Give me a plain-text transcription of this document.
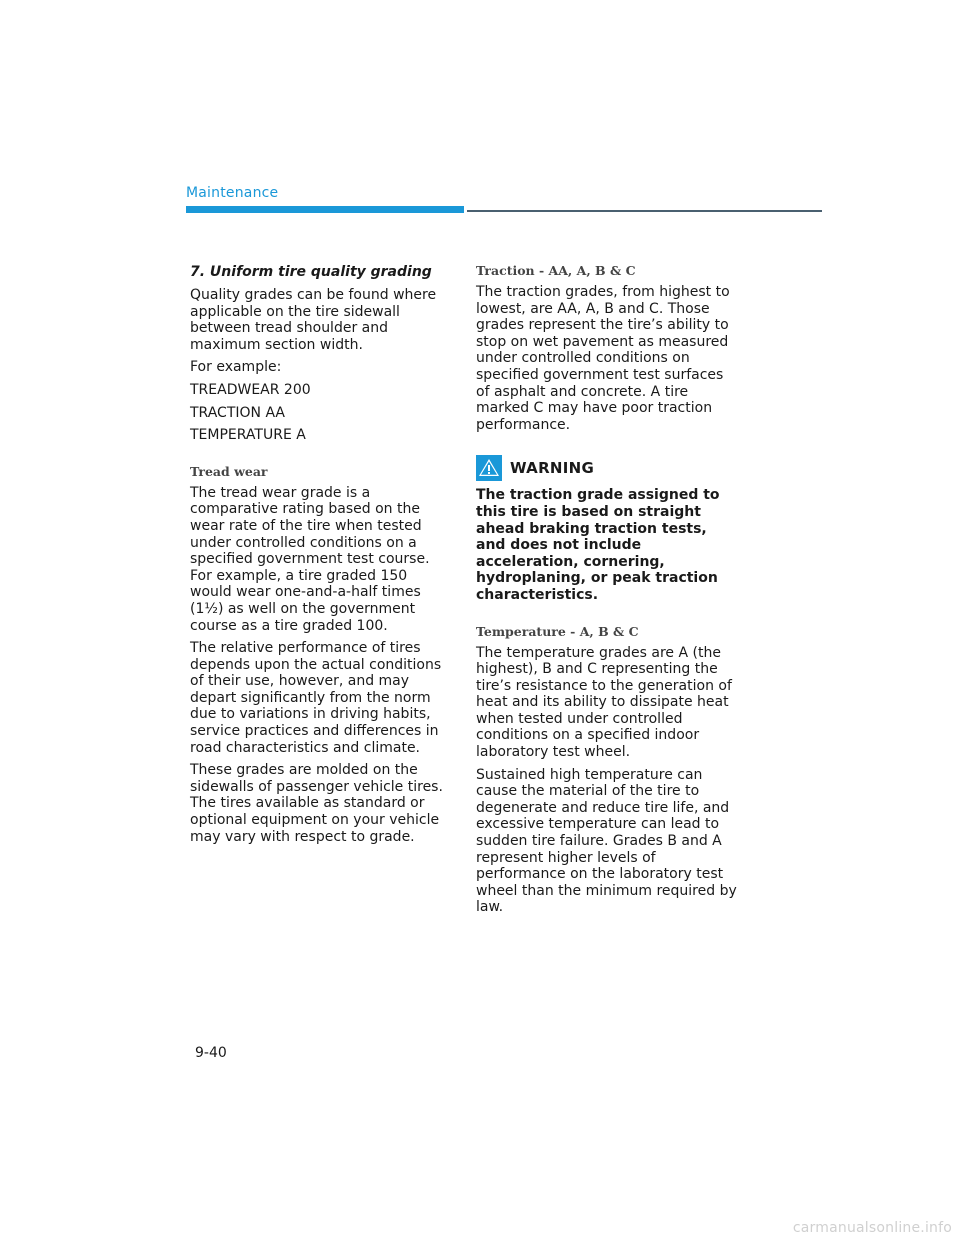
Maintenance
7. Uniform tire quality grading

Quality grades can be found where applicable on the tire sidewall between tread shoulder and maximum section width.

For example:

TREADWEAR 200

TRACTION AA

TEMPERATURE A

Tread wear

The tread wear grade is a comparative rating based on the wear rate of the tire when tested under controlled conditions on a specified government test course. For example, a tire graded 150 would wear one-and-a-half times (1½) as well on the government course as a tire graded 100.

The relative performance of tires depends upon the actual conditions of their use, however, and may depart significantly from the norm due to variations in driving habits, service practices and differences in road characteristics and climate.

These grades are molded on the sidewalls of passenger vehicle tires. The tires available as standard or optional equipment on your vehicle may vary with respect to grade.

Traction - AA, A, B & C

The traction grades, from highest to lowest, are AA, A, B and C. Those grades represent the tire’s ability to stop on wet pavement as measured under controlled conditions on specified government test surfaces of asphalt and concrete. A tire marked C may have poor traction performance.

WARNING

The traction grade assigned to this tire is based on straight ahead braking traction tests, and does not include acceleration, cornering, hydroplaning, or peak traction characteristics.

Temperature - A, B & C

The temperature grades are A (the highest), B and C representing the tire’s resistance to the generation of heat and its ability to dissipate heat when tested under controlled conditions on a specified indoor laboratory test wheel.

Sustained high temperature can cause the material of the tire to degenerate and reduce tire life, and excessive temperature can lead to sudden tire failure. Grades B and A represent higher levels of performance on the laboratory test wheel than the minimum required by law.

9-40
carmanualsonline.info
